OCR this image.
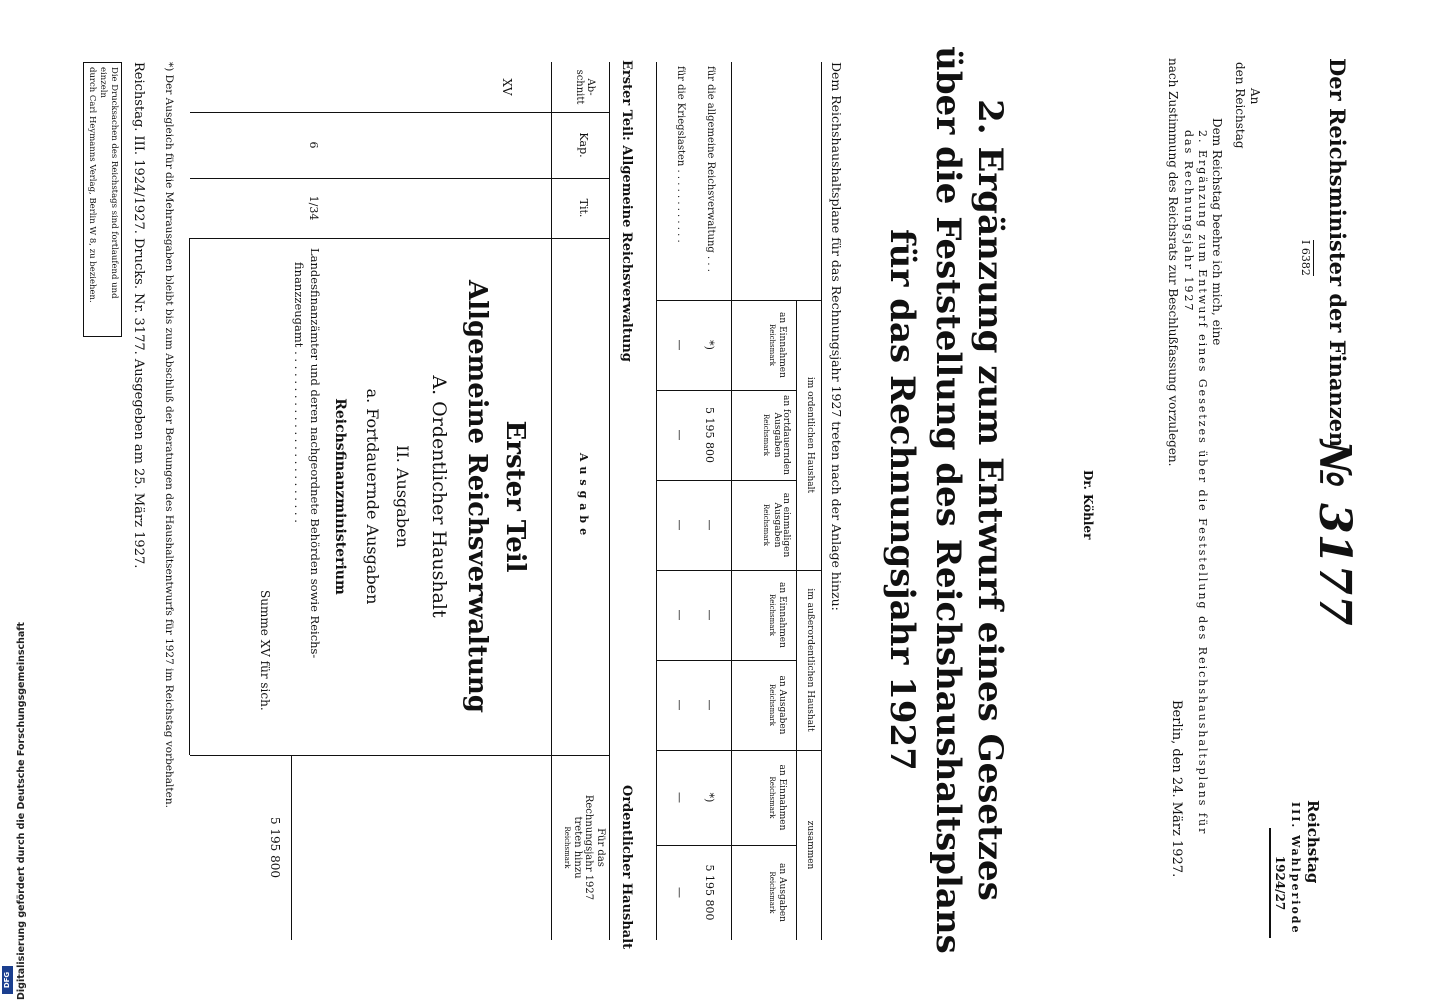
Der Reichsminister der Finanzen
I 6382
№ 3177
Reichstag
III. Wahlperiode
1924/27
An
den Reichstag
Berlin, den 24. März 1927.
Dem Reichstag beehre ich mich, eine
2. Ergänzung zum Entwurf eines Gesetzes über die Feststellung des Reichshaushaltsplans für
das Rechnungsjahr 1927
nach Zustimmung des Reichsrats zur Beschlußfassung vorzulegen.
Dr. Köhler
2. Ergänzung zum Entwurf eines Gesetzes
über die Feststellung des Reichshaushaltsplans
für das Rechnungsjahr 1927
Dem Reichshaushaltsplane für das Rechnungsjahr 1927 treten nach der Anlage hinzu:
im ordentlichen Haushalt
im außerordentlichen Haushalt
zusammen
an Einnahmen
Reichsmark
an fortdauernden Ausgaben
Reichsmark
an einmaligen Ausgaben
Reichsmark
an Einnahmen
Reichsmark
an Ausgaben
Reichsmark
an Einnahmen
Reichsmark
an Ausgaben
Reichsmark
für die allgemeine Reichsverwaltung . . .
*)
5 195 800
—
—
—
*)
5 195 800
für die Kriegslasten . . . . . . . . . . . .
—
—
—
—
—
—
—
Erster Teil: Allgemeine Reichsverwaltung
Ordentlicher Haushalt
Ab-
schnitt
Kap.
Tit.
Ausgabe
Für das
Rechnungsjahr 1927
treten hinzu
Reichsmark
XV
6
1/34
Erster Teil
Allgemeine Reichsverwaltung
A. Ordentlicher Haushalt
II. Ausgaben
a. Fortdauernde Ausgaben
Reichsfinanzministerium
Landesfinanzämter und deren nachgeordnete Behörden sowie Reichs-
finanzzeugamt . . . . . . . . . . . . . . . . . . . . . . . .
5 195 800
Summe XV für sich.
*) Der Ausgleich für die Mehrausgaben bleibt bis zum Abschluß der Beratungen des Haushaltsentwurfs für 1927 im Reichstag vorbehalten.
Reichstag. III. 1924/1927. Drucks. Nr. 3177. Ausgegeben am 25. März 1927.
Die Drucksachen des Reichstags sind fortlaufend und einzeln
durch Carl Heymanns Verlag, Berlin W 8, zu beziehen.
Digitalisierung gefördert durch die Deutsche Forschungsgemeinschaft
DFG
